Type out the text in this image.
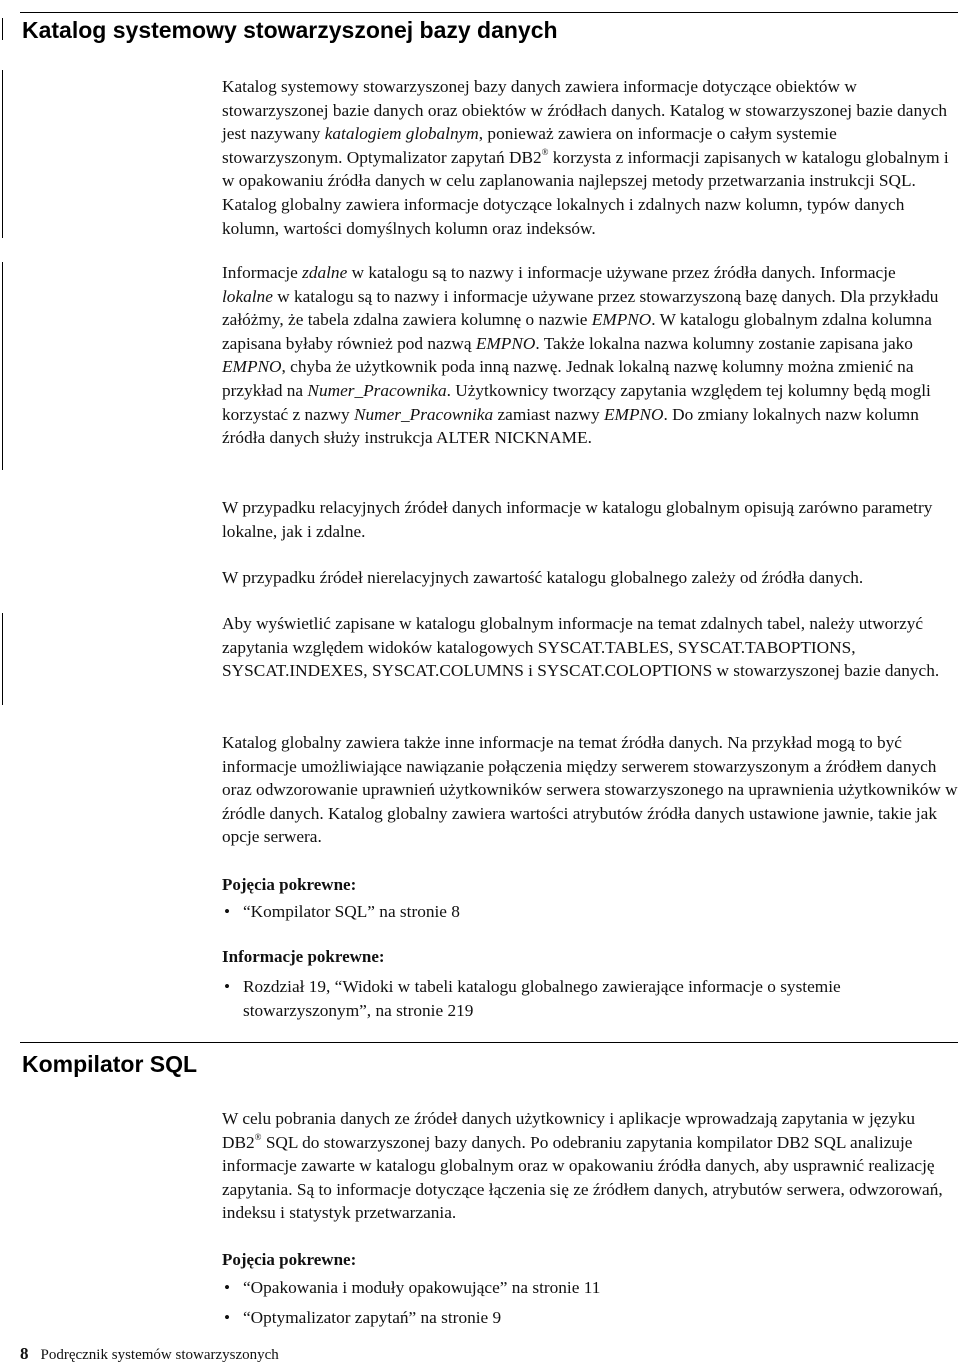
Katalog systemowy stowarzyszonej bazy danych

Katalog systemowy stowarzyszonej bazy danych zawiera informacje dotyczące obiektów w stowarzyszonej bazie danych oraz obiektów w źródłach danych. Katalog w stowarzyszonej bazie danych jest nazywany katalogiem globalnym, ponieważ zawiera on informacje o całym systemie stowarzyszonym. Optymalizator zapytań DB2® korzysta z informacji zapisanych w katalogu globalnym i w opakowaniu źródła danych w celu zaplanowania najlepszej metody przetwarzania instrukcji SQL. Katalog globalny zawiera informacje dotyczące lokalnych i zdalnych nazw kolumn, typów danych kolumn, wartości domyślnych kolumn oraz indeksów.

Informacje zdalne w katalogu są to nazwy i informacje używane przez źródła danych. Informacje lokalne w katalogu są to nazwy i informacje używane przez stowarzyszoną bazę danych. Dla przykładu załóżmy, że tabela zdalna zawiera kolumnę o nazwie EMPNO. W katalogu globalnym zdalna kolumna zapisana byłaby również pod nazwą EMPNO. Także lokalna nazwa kolumny zostanie zapisana jako EMPNO, chyba że użytkownik poda inną nazwę. Jednak lokalną nazwę kolumny można zmienić na przykład na Numer_Pracownika. Użytkownicy tworzący zapytania względem tej kolumny będą mogli korzystać z nazwy Numer_Pracownika zamiast nazwy EMPNO. Do zmiany lokalnych nazw kolumn źródła danych służy instrukcja ALTER NICKNAME.

W przypadku relacyjnych źródeł danych informacje w katalogu globalnym opisują zarówno parametry lokalne, jak i zdalne.

W przypadku źródeł nierelacyjnych zawartość katalogu globalnego zależy od źródła danych.

Aby wyświetlić zapisane w katalogu globalnym informacje na temat zdalnych tabel, należy utworzyć zapytania względem widoków katalogowych SYSCAT.TABLES, SYSCAT.TABOPTIONS, SYSCAT.INDEXES, SYSCAT.COLUMNS i SYSCAT.COLOPTIONS w stowarzyszonej bazie danych.

Katalog globalny zawiera także inne informacje na temat źródła danych. Na przykład mogą to być informacje umożliwiające nawiązanie połączenia między serwerem stowarzyszonym a źródłem danych oraz odwzorowanie uprawnień użytkowników serwera stowarzyszonego na uprawnienia użytkowników w źródle danych. Katalog globalny zawiera wartości atrybutów źródła danych ustawione jawnie, takie jak opcje serwera.

Pojęcia pokrewne:
• “Kompilator SQL” na stronie 8
Informacje pokrewne:
• Rozdział 19, “Widoki w tabeli katalogu globalnego zawierające informacje o systemie stowarzyszonym”, na stronie 219
Kompilator SQL

W celu pobrania danych ze źródeł danych użytkownicy i aplikacje wprowadzają zapytania w języku DB2® SQL do stowarzyszonej bazy danych. Po odebraniu zapytania kompilator DB2 SQL analizuje informacje zawarte w katalogu globalnym oraz w opakowaniu źródła danych, aby usprawnić realizację zapytania. Są to informacje dotyczące łączenia się ze źródłem danych, atrybutów serwera, odwzorowań, indeksu i statystyk przetwarzania.

Pojęcia pokrewne:
• “Opakowania i moduły opakowujące” na stronie 11
• “Optymalizator zapytań” na stronie 9
8 Podręcznik systemów stowarzyszonych
